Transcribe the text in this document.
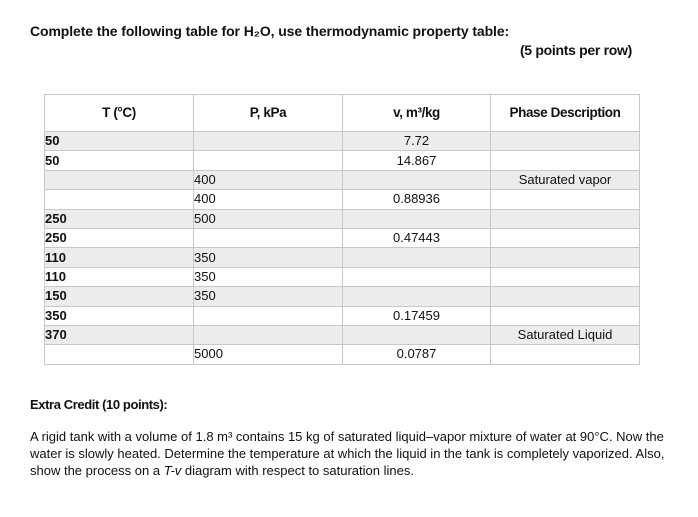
Complete the following table for H₂O, use thermodynamic property table:
(5 points per row)
T (°C)	P, kPa	v, m³/kg	Phase Description
50		7.72	
50		14.867	
	400		Saturated vapor
	400	0.88936	
250	500		
250		0.47443	
110	350		
110	350		
150	350		
350		0.17459	
370			Saturated Liquid
	5000	0.0787	
Extra Credit (10 points):
A rigid tank with a volume of 1.8 m³ contains 15 kg of saturated liquid–vapor mixture of water at 90°C. Now the water is slowly heated. Determine the temperature at which the liquid in the tank is completely vaporized. Also, show the process on a T-v diagram with respect to saturation lines.
